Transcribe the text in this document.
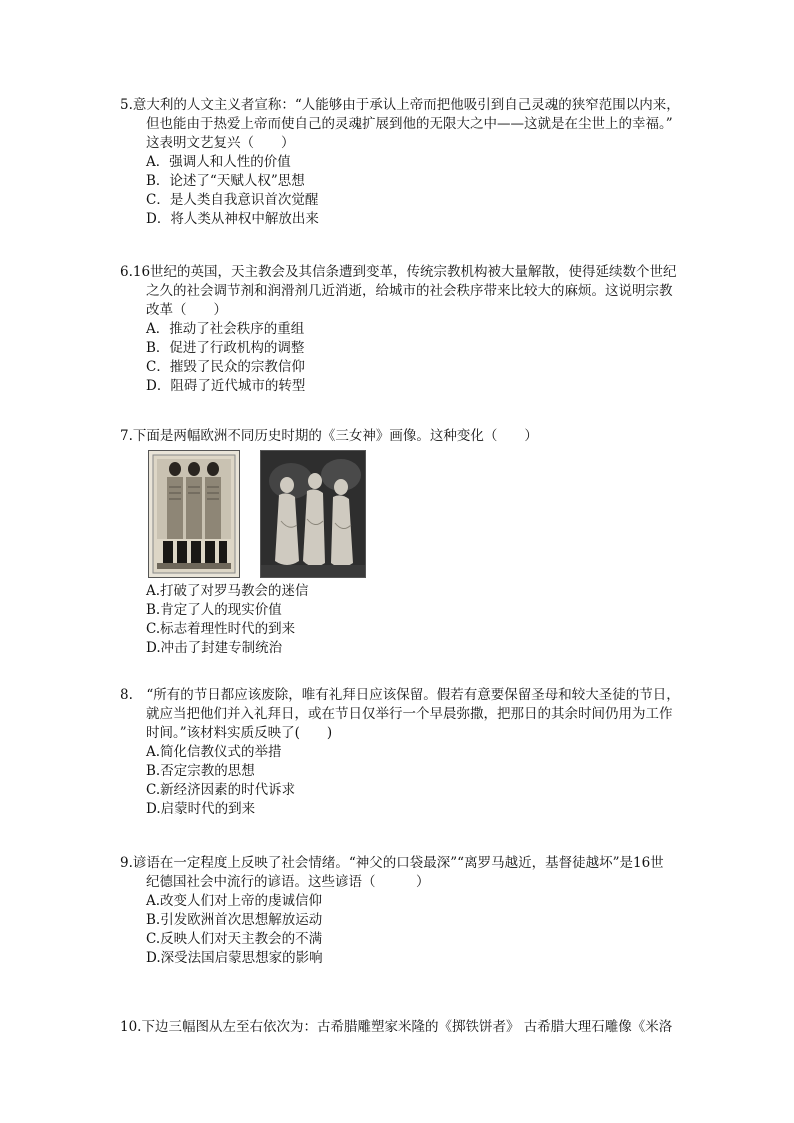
5.意大利的人文主义者宣称：“人能够由于承认上帝而把他吸引到自己灵魂的狭窄范围以内来，
但也能由于热爱上帝而使自己的灵魂扩展到他的无限大之中——这就是在尘世上的幸福。”
这表明文艺复兴（　　）
A．强调人和人性的价值
B．论述了“天赋人权”思想
C．是人类自我意识首次觉醒
D．将人类从神权中解放出来
6.16世纪的英国，天主教会及其信条遭到变革，传统宗教机构被大量解散，使得延续数个世纪
之久的社会调节剂和润滑剂几近消逝，给城市的社会秩序带来比较大的麻烦。这说明宗教
改革（　　）
A．推动了社会秩序的重组
B．促进了行政机构的调整
C．摧毁了民众的宗教信仰
D．阻碍了近代城市的转型
7.下面是两幅欧洲不同历史时期的《三女神》画像。这种变化（　　）
A.打破了对罗马教会的迷信
B.肯定了人的现实价值
C.标志着理性时代的到来
D.冲击了封建专制统治
8.　“所有的节日都应该废除，唯有礼拜日应该保留。假若有意要保留圣母和较大圣徒的节日，
就应当把他们并入礼拜日，或在节日仅举行一个早晨弥撒，把那日的其余时间仍用为工作
时间。”该材料实质反映了(　　)
A.简化信教仪式的举措
B.否定宗教的思想
C.新经济因素的时代诉求
D.启蒙时代的到来
9.谚语在一定程度上反映了社会情绪。“神父的口袋最深”“离罗马越近，基督徒越坏”是16世
纪德国社会中流行的谚语。这些谚语（　　　）
A.改变人们对上帝的虔诚信仰
B.引发欧洲首次思想解放运动
C.反映人们对天主教会的不满
D.深受法国启蒙思想家的影响
10.下边三幅图从左至右依次为：古希腊雕塑家米隆的《掷铁饼者》 古希腊大理石雕像《米洛
